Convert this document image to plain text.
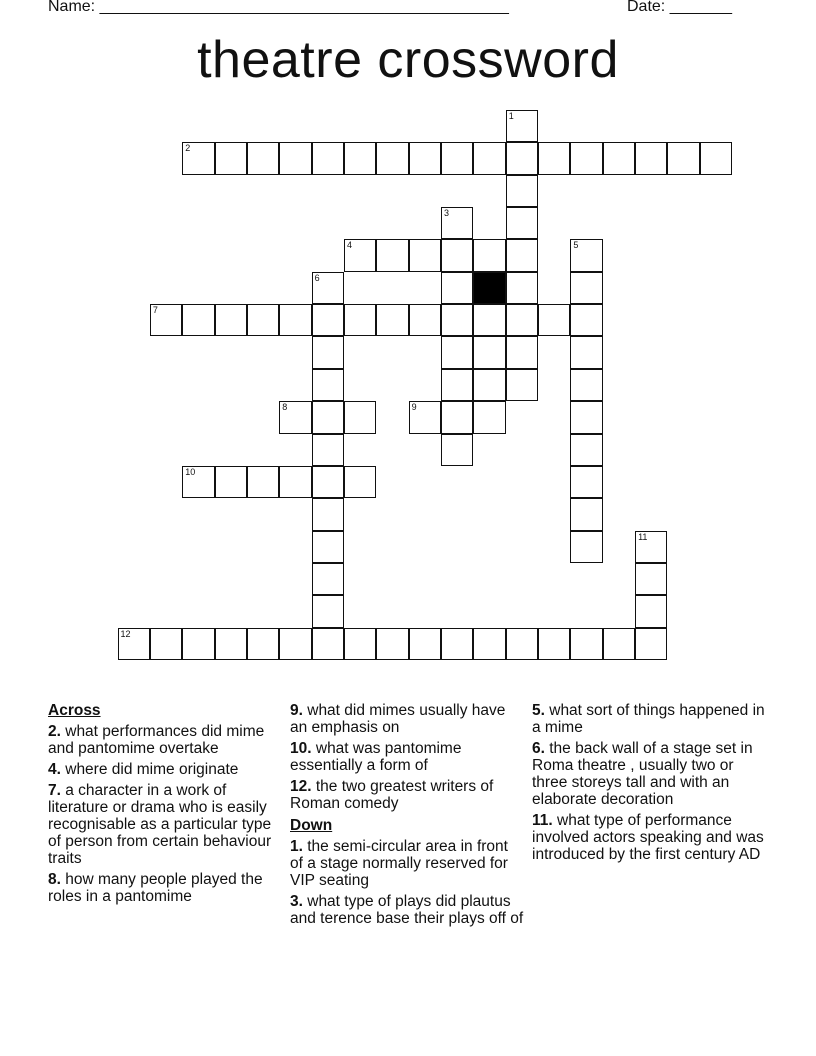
Name: ______________________________________________	Date: _______
theatre crossword
1
2
3
4	5
6
7
8	9
10
11
12
Across
2. what performances did mime and pantomime overtake
4. where did mime originate
7. a character in a work of literature or drama who is easily recognisable as a particular type of person from certain behaviour traits
8. how many people played the roles in a pantomime
9. what did mimes usually have an emphasis on
10. what was pantomime essentially a form of
12. the two greatest writers of Roman comedy
Down
1. the semi-circular area in front of a stage normally reserved for VIP seating
3. what type of plays did plautus and terence base their plays off of
5. what sort of things happened in a mime
6. the back wall of a stage set in Roma theatre , usually two or three storeys tall and with an elaborate decoration
11. what type of performance involved actors speaking and was introduced by the first century AD
